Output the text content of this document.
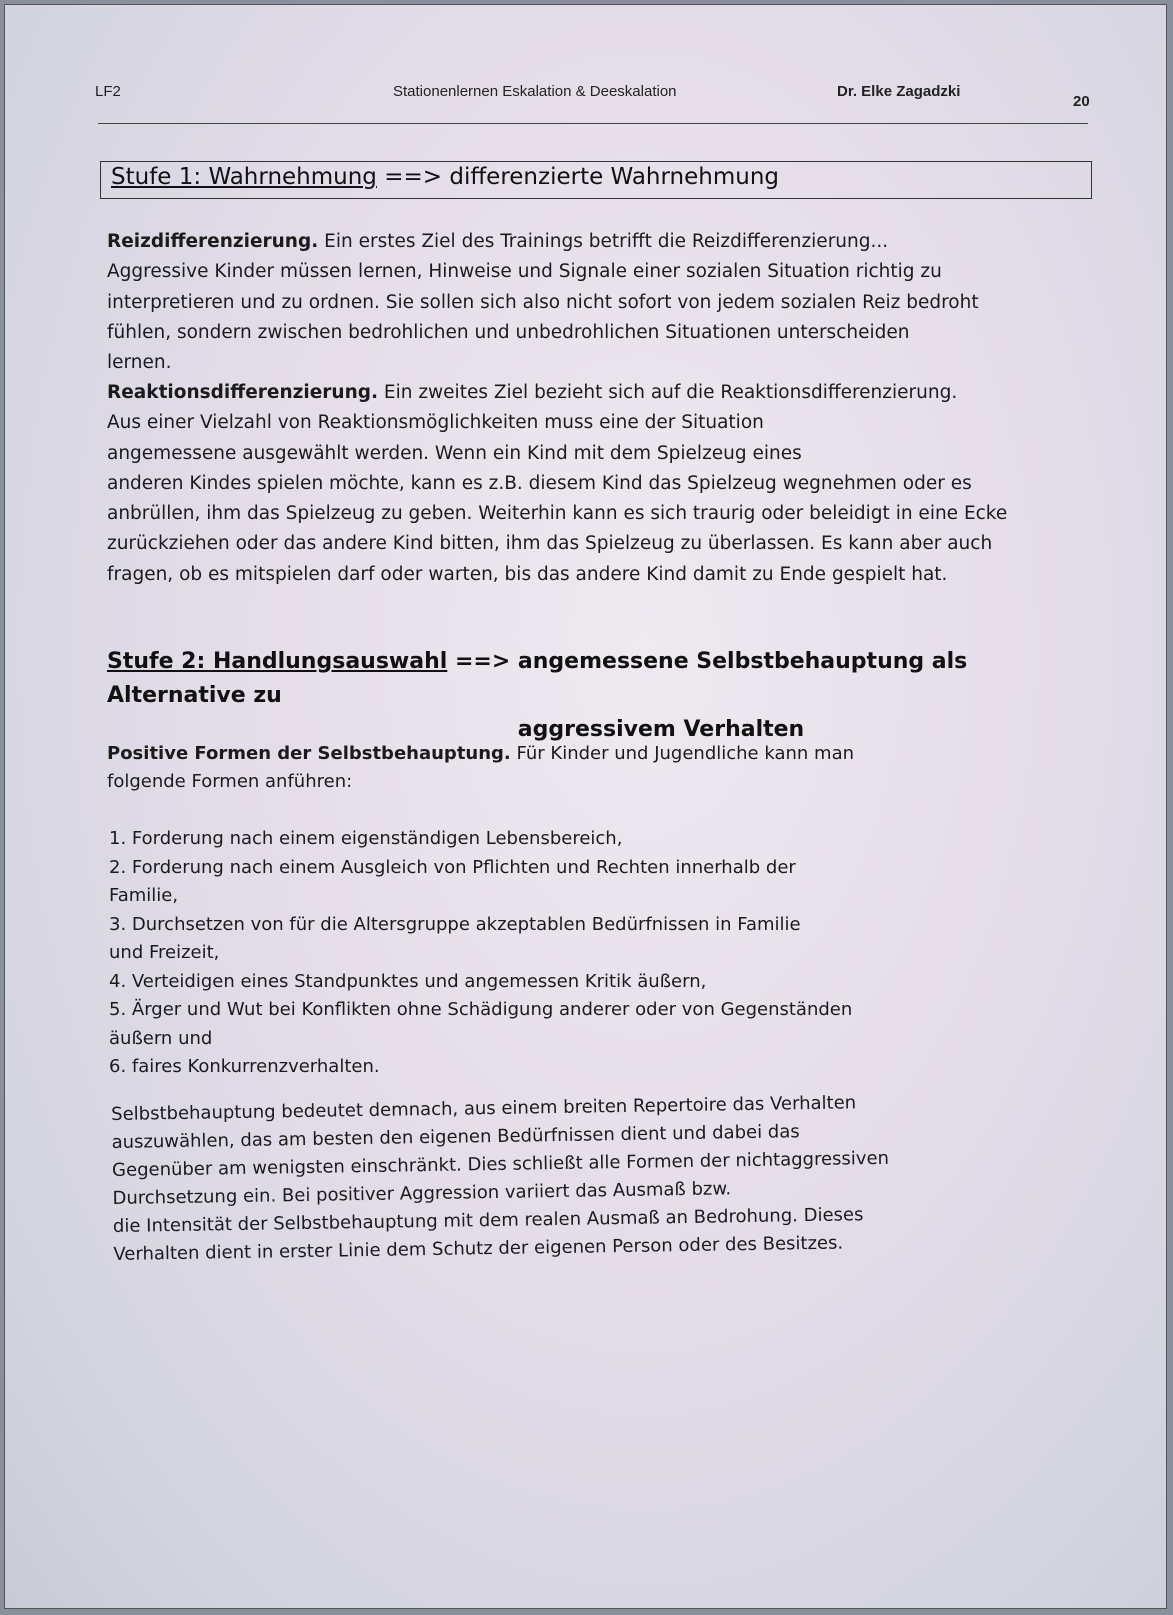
LF2	Stationenlernen Eskalation & Deeskalation	Dr. Elke Zagadzki
20
Stufe 1: Wahrnehmung ==> differenzierte Wahrnehmung

Reizdifferenzierung. Ein erstes Ziel des Trainings betrifft die Reizdifferenzierung...
Aggressive Kinder müssen lernen, Hinweise und Signale einer sozialen Situation richtig zu
interpretieren und zu ordnen. Sie sollen sich also nicht sofort von jedem sozialen Reiz bedroht
fühlen, sondern zwischen bedrohlichen und unbedrohlichen Situationen unterscheiden
lernen.

Reaktionsdifferenzierung. Ein zweites Ziel bezieht sich auf die Reaktionsdifferenzierung.
Aus einer Vielzahl von Reaktionsmöglichkeiten muss eine der Situation
angemessene ausgewählt werden. Wenn ein Kind mit dem Spielzeug eines
anderen Kindes spielen möchte, kann es z.B. diesem Kind das Spielzeug wegnehmen oder es
anbrüllen, ihm das Spielzeug zu geben. Weiterhin kann es sich traurig oder beleidigt in eine Ecke
zurückziehen oder das andere Kind bitten, ihm das Spielzeug zu überlassen. Es kann aber auch
fragen, ob es mitspielen darf oder warten, bis das andere Kind damit zu Ende gespielt hat.

Stufe 2: Handlungsauswahl ==> angemessene Selbstbehauptung als Alternative zu
aggressivem Verhalten

Positive Formen der Selbstbehauptung. Für Kinder und Jugendliche kann man
folgende Formen anführen:

1. Forderung nach einem eigenständigen Lebensbereich,
2. Forderung nach einem Ausgleich von Pflichten und Rechten innerhalb der
Familie,
3. Durchsetzen von für die Altersgruppe akzeptablen Bedürfnissen in Familie
und Freizeit,
4. Verteidigen eines Standpunktes und angemessen Kritik äußern,
5. Ärger und Wut bei Konflikten ohne Schädigung anderer oder von Gegenständen
äußern und
6. faires Konkurrenzverhalten.

Selbstbehauptung bedeutet demnach, aus einem breiten Repertoire das Verhalten
auszuwählen, das am besten den eigenen Bedürfnissen dient und dabei das
Gegenüber am wenigsten einschränkt. Dies schließt alle Formen der nichtaggressiven
Durchsetzung ein. Bei positiver Aggression variiert das Ausmaß bzw.
die Intensität der Selbstbehauptung mit dem realen Ausmaß an Bedrohung. Dieses
Verhalten dient in erster Linie dem Schutz der eigenen Person oder des Besitzes.
